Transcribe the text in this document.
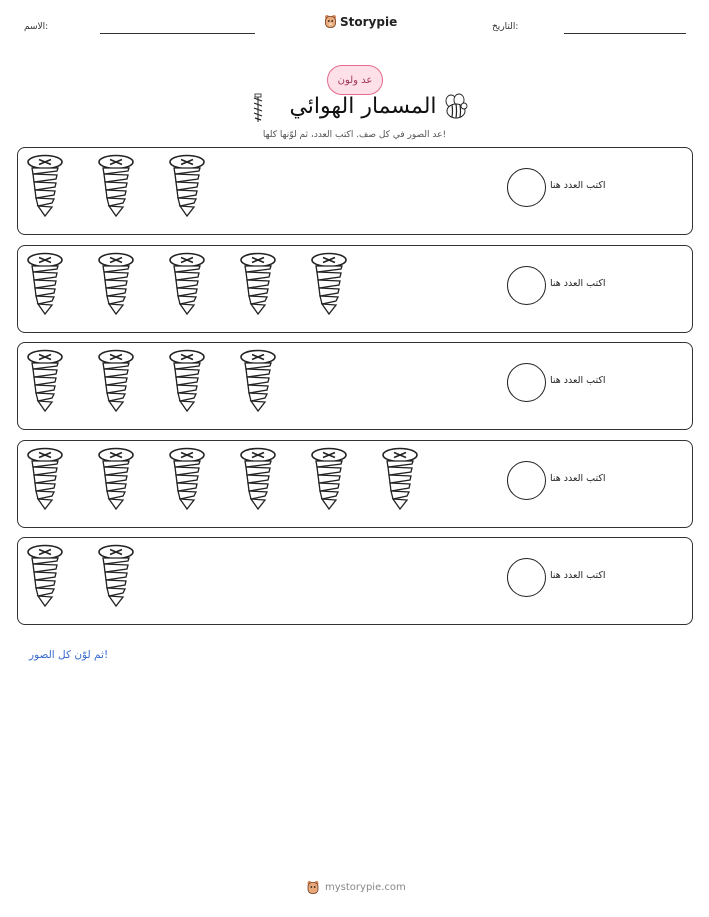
الاسم:	Storypie	التاريخ:
عد ولون
المسمار الهوائي
عد الصور في كل صف. اكتب العدد، ثم لوّنها كلها!
اكتب العدد هنا
اكتب العدد هنا
اكتب العدد هنا
اكتب العدد هنا
اكتب العدد هنا
ثم لوّن كل الصور!
mystorypie.com
